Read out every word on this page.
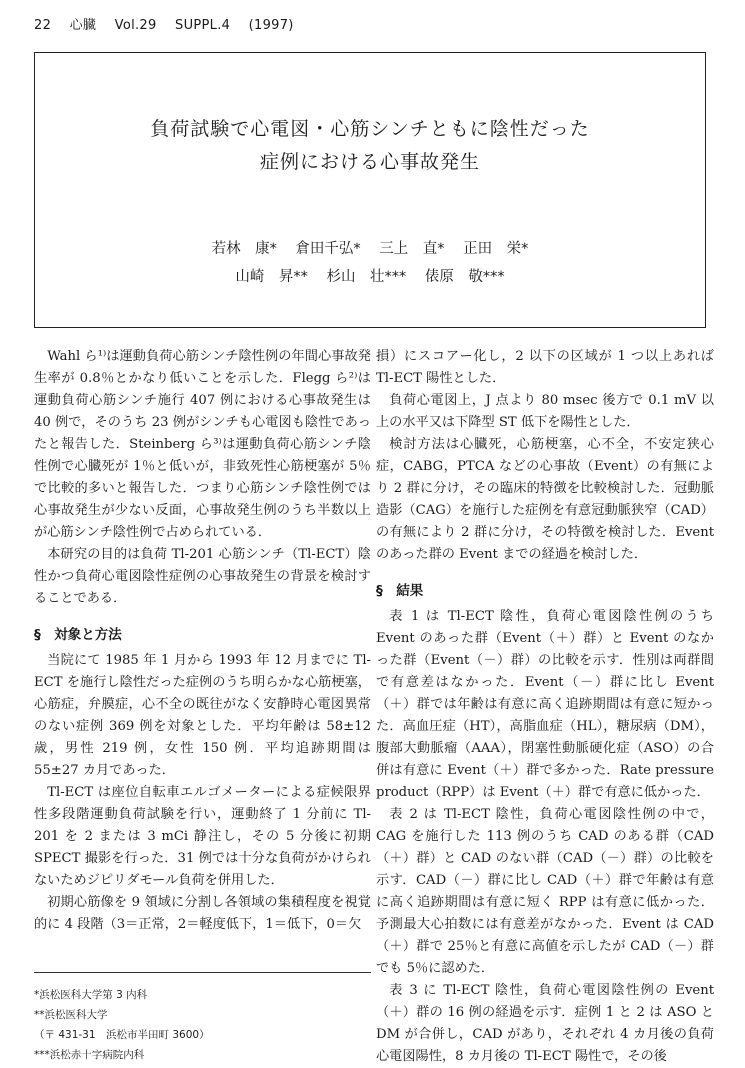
22 心臓 Vol.29 SUPPL.4 (1997)
負荷試験で心電図・心筋シンチともに陰性だった
症例における心事故発生
若林　康* 倉田千弘* 三上　直* 正田　栄*
山崎　昇** 杉山　壮*** 俵原　敬***

Wahl ら¹⁾は運動負荷心筋シンチ陰性例の年間心事故発生率が 0.8％とかなり低いことを示した．Flegg ら²⁾は運動負荷心筋シンチ施行 407 例における心事故発生は 40 例で，そのうち 23 例がシンチも心電図も陰性であったと報告した．Steinberg ら³⁾は運動負荷心筋シンチ陰性例で心臓死が 1％と低いが，非致死性心筋梗塞が 5％で比較的多いと報告した．つまり心筋シンチ陰性例では心事故発生が少ない反面，心事故発生例のうち半数以上が心筋シンチ陰性例で占められている．

本研究の目的は負荷 Tl-201 心筋シンチ（Tl-ECT）陰性かつ負荷心電図陰性症例の心事故発生の背景を検討することである．

§　対象と方法

当院にて 1985 年 1 月から 1993 年 12 月までに Tl-ECT を施行し陰性だった症例のうち明らかな心筋梗塞，心筋症，弁膜症，心不全の既往がなく安静時心電図異常のない症例 369 例を対象とした．平均年齢は 58±12 歳，男性 219 例，女性 150 例．平均追跡期間は 55±27 カ月であった．

Tl-ECT は座位自転車エルゴメーターによる症候限界性多段階運動負荷試験を行い，運動終了 1 分前に Tl-201 を 2 または 3 mCi 静注し，その 5 分後に初期 SPECT 撮影を行った．31 例では十分な負荷がかけられないためジピリダモール負荷を併用した．

初期心筋像を 9 領域に分割し各領域の集積程度を視覚的に 4 段階（3＝正常，2＝軽度低下，1＝低下，0＝欠

損）にスコアー化し，2 以下の区域が 1 つ以上あれば Tl-ECT 陽性とした．

負荷心電図上，J 点より 80 msec 後方で 0.1 mV 以上の水平又は下降型 ST 低下を陽性とした．

検討方法は心臓死，心筋梗塞，心不全，不安定狭心症，CABG，PTCA などの心事故（Event）の有無により 2 群に分け，その臨床的特徴を比較検討した．冠動脈造影（CAG）を施行した症例を有意冠動脈狭窄（CAD）の有無により 2 群に分け，その特徴を検討した．Event のあった群の Event までの経過を検討した．

§　結果

表 1 は Tl-ECT 陰性，負荷心電図陰性例のうち Event のあった群（Event（＋）群）と Event のなかった群（Event（－）群）の比較を示す．性別は両群間で有意差はなかった．Event（－）群に比し Event（＋）群では年齢は有意に高く追跡期間は有意に短かった．高血圧症（HT），高脂血症（HL），糖尿病（DM），腹部大動脈瘤（AAA），閉塞性動脈硬化症（ASO）の合併は有意に Event（＋）群で多かった．Rate pressure product（RPP）は Event（＋）群で有意に低かった．

表 2 は Tl-ECT 陰性，負荷心電図陰性例の中で，CAG を施行した 113 例のうち CAD のある群（CAD（＋）群）と CAD のない群（CAD（－）群）の比較を示す．CAD（－）群に比し CAD（＋）群で年齢は有意に高く追跡期間は有意に短く RPP は有意に低かった．予測最大心拍数には有意差がなかった．Event は CAD（＋）群で 25％と有意に高値を示したが CAD（－）群でも 5％に認めた．

表 3 に Tl-ECT 陰性，負荷心電図陰性例の Event（＋）群の 16 例の経過を示す．症例 1 と 2 は ASO と DM が合併し，CAD があり，それぞれ 4 カ月後の負荷心電図陽性，8 カ月後の Tl-ECT 陽性で，その後

*浜松医科大学第 3 内科
**浜松医科大学
（〒 431-31　浜松市半田町 3600）
***浜松赤十字病院内科
